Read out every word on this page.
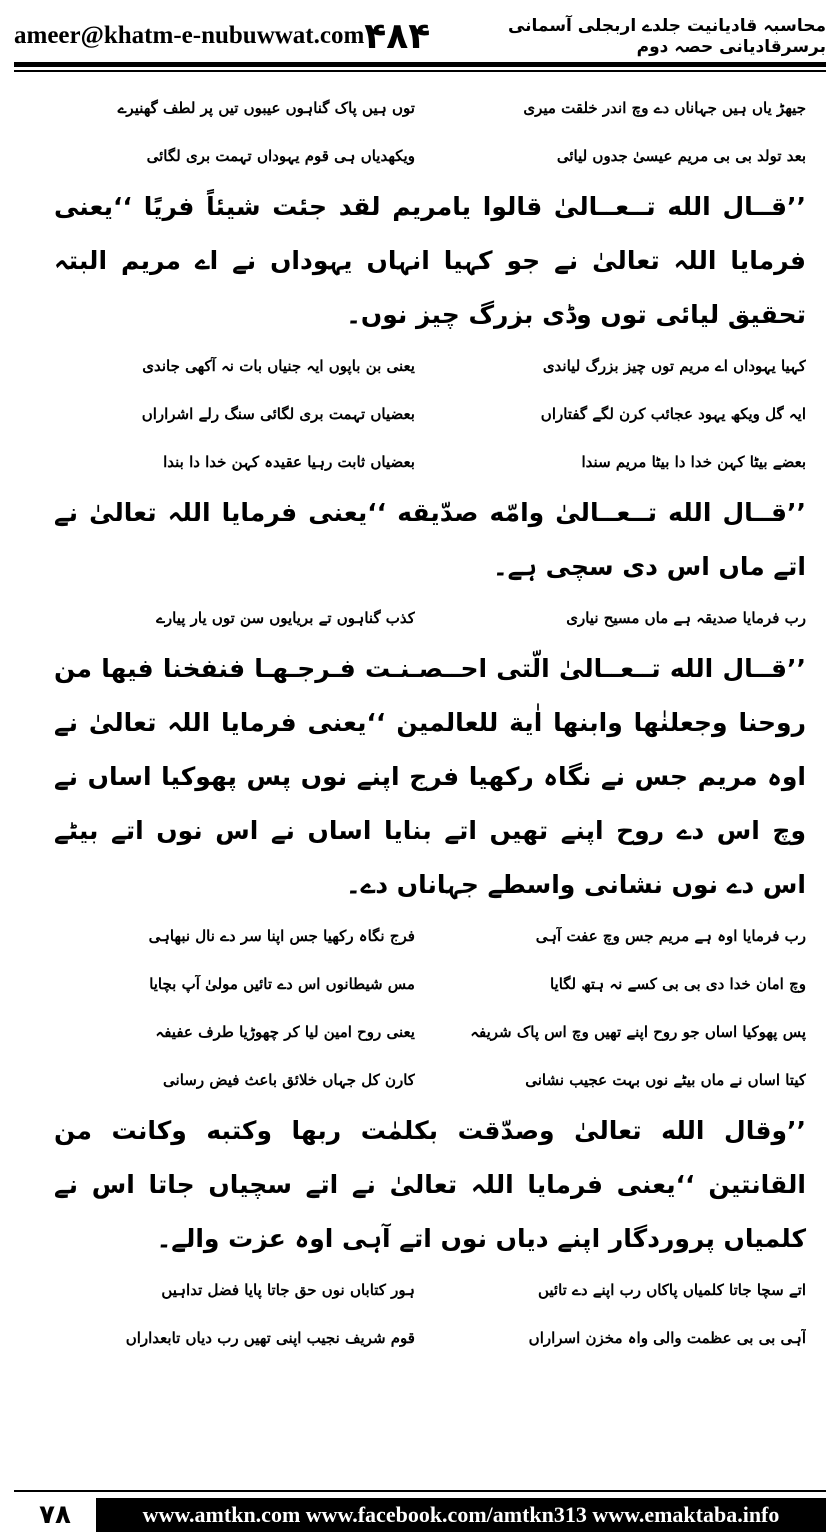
ameer@khatm-e-nubuwwat.com ۴۸۴	محاسبہ قادیانیت جلدے اربجلی آسمانی برسرقادیانی حصہ دوم
جیھڑ یاں ہیں جہاناں دے وچ اندر خلقت میری
توں ہیں پاک گناہوں عیبوں تیں پر لطف گھنیرے
بعد تولد بی بی مریم عیسیٰ جدوں لیائی
ویکھدیاں ہی قوم یہوداں تہمت بری لگائی

’’قــال الله تــعــالیٰ قالوا یامریم لقد جئت شیئاً فریًا ‘‘یعنی فرمایا اللہ تعالیٰ نے جو کہیا انہاں یہوداں نے اے مریم البتہ تحقیق لیائی توں وڈی بزرگ چیز نوں۔

کہیا یہوداں اے مریم توں چیز بزرگ لیاندی
یعنی بن باپوں ایہ جنیاں بات نہ آکھی جاندی
ایہ گل ویکھ یہود عجائب کرن لگے گفتاراں
بعضیاں تہمت بری لگائی سنگ رلے اشراراں
بعضے بیٹا کہن خدا دا بیٹا مریم سندا
بعضیاں ثابت رہیا عقیدہ کہن خدا دا بندا

’’قــال الله تــعــالیٰ وامّه صدّیقه ‘‘یعنی فرمایا اللہ تعالیٰ نے اتے ماں اس دی سچی ہے۔

رب فرمایا صدیقہ ہے ماں مسیح نیاری
کذب گناہوں تے بریایوں سن توں یار پیارے

’’قــال الله تــعــالیٰ الّتی احــصـنـت فـرجـهـا فنفخنا فیها من روحنا وجعلنٰها وابنها اٰیة للعالمین ‘‘یعنی فرمایا اللہ تعالیٰ نے اوہ مریم جس نے نگاہ رکھیا فرج اپنے نوں پس پھوکیا اساں نے وچ اس دے روح اپنے تھیں اتے بنایا اساں نے اس نوں اتے بیٹے اس دے نوں نشانی واسطے جہاناں دے۔

رب فرمایا اوہ ہے مریم جس وچ عفت آہی
فرج نگاہ رکھیا جس اپنا سر دے نال نبھاہی
وچ امان خدا دی بی بی کسے نہ ہتھ لگایا
مس شیطانوں اس دے تائیں مولیٰ آپ بچایا
پس پھوکیا اساں جو روح اپنے تھیں وچ اس پاک شریفہ
یعنی روح امین لیا کر چھوڑیا طرف عفیفہ
کیتا اساں نے ماں بیٹے نوں بہت عجیب نشانی
کارن کل جہاں خلائق باعث فیض رسانی

’’وقال الله تعالیٰ وصدّقت بکلمٰت ربها وکتبه وکانت من القانتین ‘‘یعنی فرمایا اللہ تعالیٰ نے اتے سچیاں جاتا اس نے کلمیاں پروردگار اپنے دیاں نوں اتے آہی اوہ عزت والے۔

اتے سچا جاتا کلمیاں پاکاں رب اپنے دے تائیں
ہور کتاباں نوں حق جاتا پایا فضل تداہیں
آہی بی بی عظمت والی واہ مخزن اسراراں
قوم شریف نجیب اپنی تھیں رب دیاں تابعداراں
۷۸	www.amtkn.com www.facebook.com/amtkn313 www.emaktaba.info
